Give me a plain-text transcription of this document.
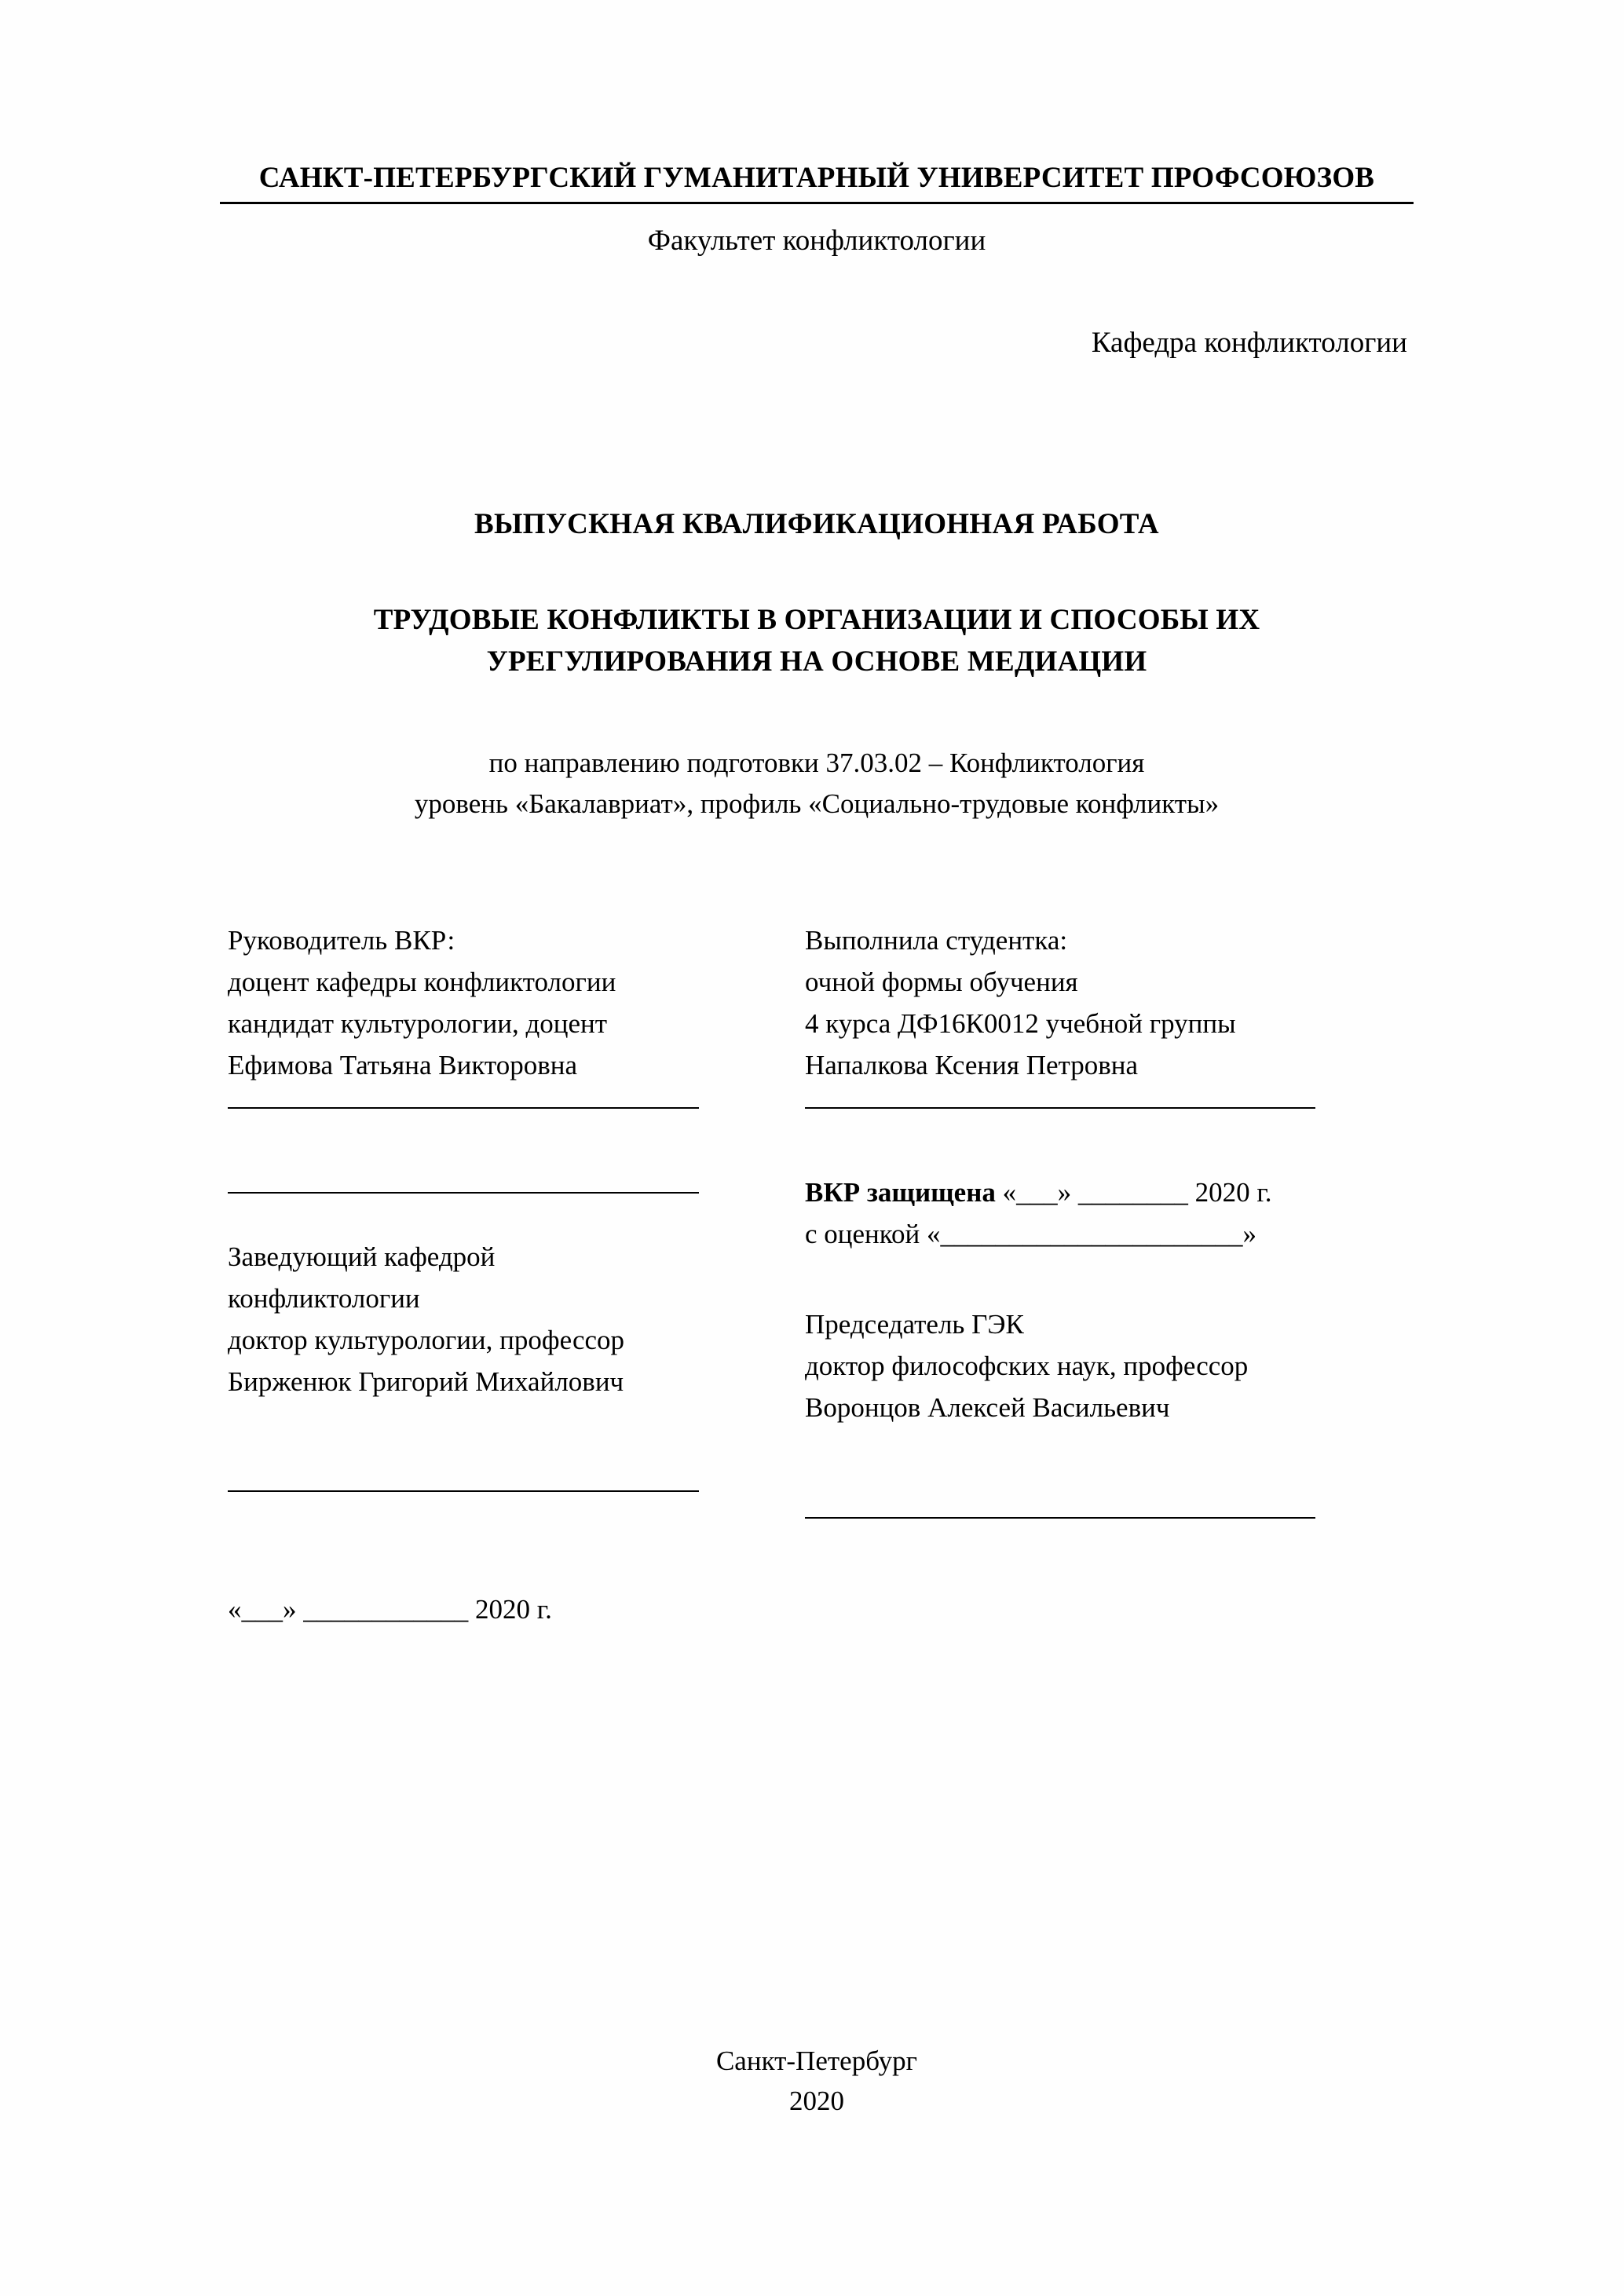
САНКТ-ПЕТЕРБУРГСКИЙ ГУМАНИТАРНЫЙ УНИВЕРСИТЕТ ПРОФСОЮЗОВ
Факультет конфликтологии
Кафедра конфликтологии
ВЫПУСКНАЯ КВАЛИФИКАЦИОННАЯ РАБОТА
ТРУДОВЫЕ КОНФЛИКТЫ В ОРГАНИЗАЦИИ И СПОСОБЫ ИХ
УРЕГУЛИРОВАНИЯ НА ОСНОВЕ МЕДИАЦИИ
по направлению подготовки 37.03.02 – Конфликтология
уровень «Бакалавриат», профиль «Социально-трудовые конфликты»
Руководитель ВКР:
доцент кафедры конфликтологии
кандидат культурологии, доцент
Ефимова Татьяна Викторовна
Заведующий кафедрой
конфликтологии
доктор культурологии, профессор
Бирженюк Григорий Михайлович
Выполнила студентка:
очной формы обучения
4 курса ДФ16К0012 учебной группы
Напалкова Ксения Петровна
ВКР защищена «___» ________ 2020 г.
с оценкой «______________________»
Председатель ГЭК
доктор философских наук, профессор
Воронцов Алексей Васильевич
«___» ____________ 2020 г.
Санкт-Петербург
2020
